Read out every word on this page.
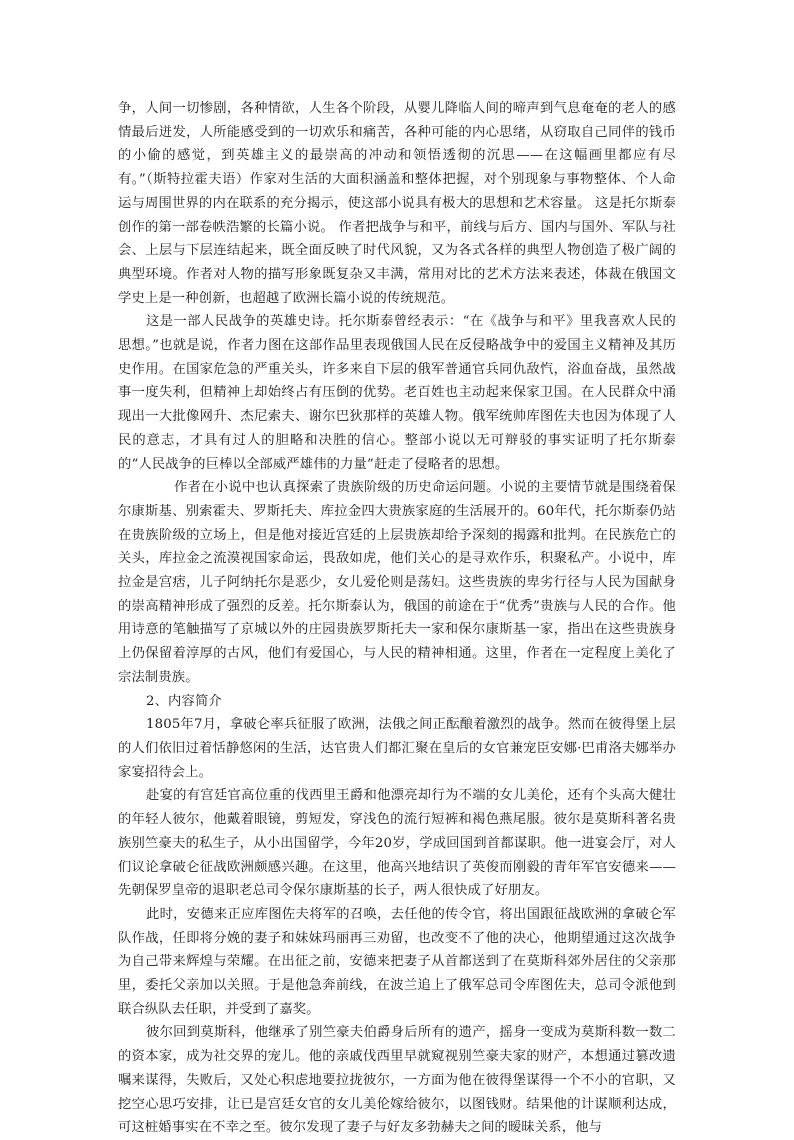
争，人间一切惨剧，各种情欲，人生各个阶段，从婴儿降临人间的啼声到气息奄奄的老人的感情最后迸发，人所能感受到的一切欢乐和痛苦，各种可能的内心思绪，从窃取自己同伴的钱币的小偷的感觉，到英雄主义的最崇高的冲动和领悟透彻的沉思——在这幅画里都应有尽有。”（斯特拉霍夫语）作家对生活的大面积涵盖和整体把握，对个别现象与事物整体、个人命运与周围世界的内在联系的充分揭示，使这部小说具有极大的思想和艺术容量。 这是托尔斯泰创作的第一部卷帙浩繁的长篇小说。 作者把战争与和平，前线与后方、国内与国外、军队与社会、上层与下层连结起来，既全面反映了时代风貌，又为各式各样的典型人物创造了极广阔的典型环境。作者对人物的描写形象既复杂又丰满，常用对比的艺术方法来表述，体裁在俄国文学史上是一种创新，也超越了欧洲长篇小说的传统规范。

这是一部人民战争的英雄史诗。托尔斯泰曾经表示：“在《战争与和平》里我喜欢人民的思想。”也就是说，作者力图在这部作品里表现俄国人民在反侵略战争中的爱国主义精神及其历史作用。在国家危急的严重关头，许多来自下层的俄军普通官兵同仇敌忾，浴血奋战，虽然战事一度失利，但精神上却始终占有压倒的优势。老百姓也主动起来保家卫国。在人民群众中涌现出一大批像网升、杰尼索夫、谢尔巴狄那样的英雄人物。俄军统帅库图佐夫也因为体现了人民的意志，才具有过人的胆略和决胜的信心。整部小说以无可辩驳的事实证明了托尔斯泰的“人民战争的巨棒以全部威严雄伟的力量”赶走了侵略者的思想。

作者在小说中也认真探索了贵族阶级的历史命运问题。小说的主要情节就是围绕着保尔康斯基、别索霍夫、罗斯托夫、库拉金四大贵族家庭的生活展开的。60年代，托尔斯泰仍站在贵族阶级的立场上，但是他对接近宫廷的上层贵族却给予深刻的揭露和批判。在民族危亡的关头，库拉金之流漠视国家命运，畏敌如虎，他们关心的是寻欢作乐，积聚私产。小说中，库拉金是宫痞，儿子阿纳托尔是恶少，女儿爱伦则是荡妇。这些贵族的卑劣行径与人民为国献身的崇高精神形成了强烈的反差。托尔斯泰认为，俄国的前途在于“优秀”贵族与人民的合作。他用诗意的笔触描写了京城以外的庄园贵族罗斯托夫一家和保尔康斯基一家，指出在这些贵族身上仍保留着淳厚的古风，他们有爱国心，与人民的精神相通。这里，作者在一定程度上美化了宗法制贵族。

2、内容简介

1805年7月，拿破仑率兵征服了欧洲，法俄之间正酝酿着激烈的战争。然而在彼得堡上层的人们依旧过着恬静悠闲的生活，达官贵人们都汇聚在皇后的女官兼宠臣安娜·巴甫洛夫娜举办家宴招待会上。

赴宴的有宫廷官高位重的伐西里王爵和他漂亮却行为不端的女儿美伦，还有个头高大健壮的年轻人彼尔，他戴着眼镜，剪短发，穿浅色的流行短裤和褐色燕尾服。彼尔是莫斯科著名贵族别竺豪夫的私生子，从小出国留学，今年20岁，学成回国到首都谋职。他一进宴会厅，对人们议论拿破仑征战欧洲颇感兴趣。在这里，他高兴地结识了英俊而刚毅的青年军官安德来——先朝保罗皇帝的退职老总司令保尔康斯基的长子，两人很快成了好朋友。

此时，安德来正应库图佐夫将军的召唤，去任他的传令官，将出国跟征战欧洲的拿破仑军队作战，任即将分娩的妻子和妹妹玛丽再三劝留，也改变不了他的决心，他期望通过这次战争为自己带来辉煌与荣耀。在出征之前，安德来把妻子从首都送到了在莫斯科郊外居住的父亲那里，委托父亲加以关照。于是他急奔前线，在波兰追上了俄军总司令库图佐夫，总司令派他到联合纵队去任职，并受到了嘉奖。

彼尔回到莫斯科，他继承了别竺豪夫伯爵身后所有的遗产，摇身一变成为莫斯科数一数二的资本家，成为社交界的宠儿。他的亲戚伐西里早就窥视别竺豪夫家的财产，本想通过篡改遗嘱来谋得，失败后，又处心积虑地要拉拢彼尔，一方面为他在彼得堡谋得一个不小的官职，又挖空心思巧安排，让已是宫廷女官的女儿美伦嫁给彼尔，以图钱财。结果他的计谋顺利达成，可这桩婚事实在不幸之至。彼尔发现了妻子与好友多勃赫夫之间的暧昧关系，他与
